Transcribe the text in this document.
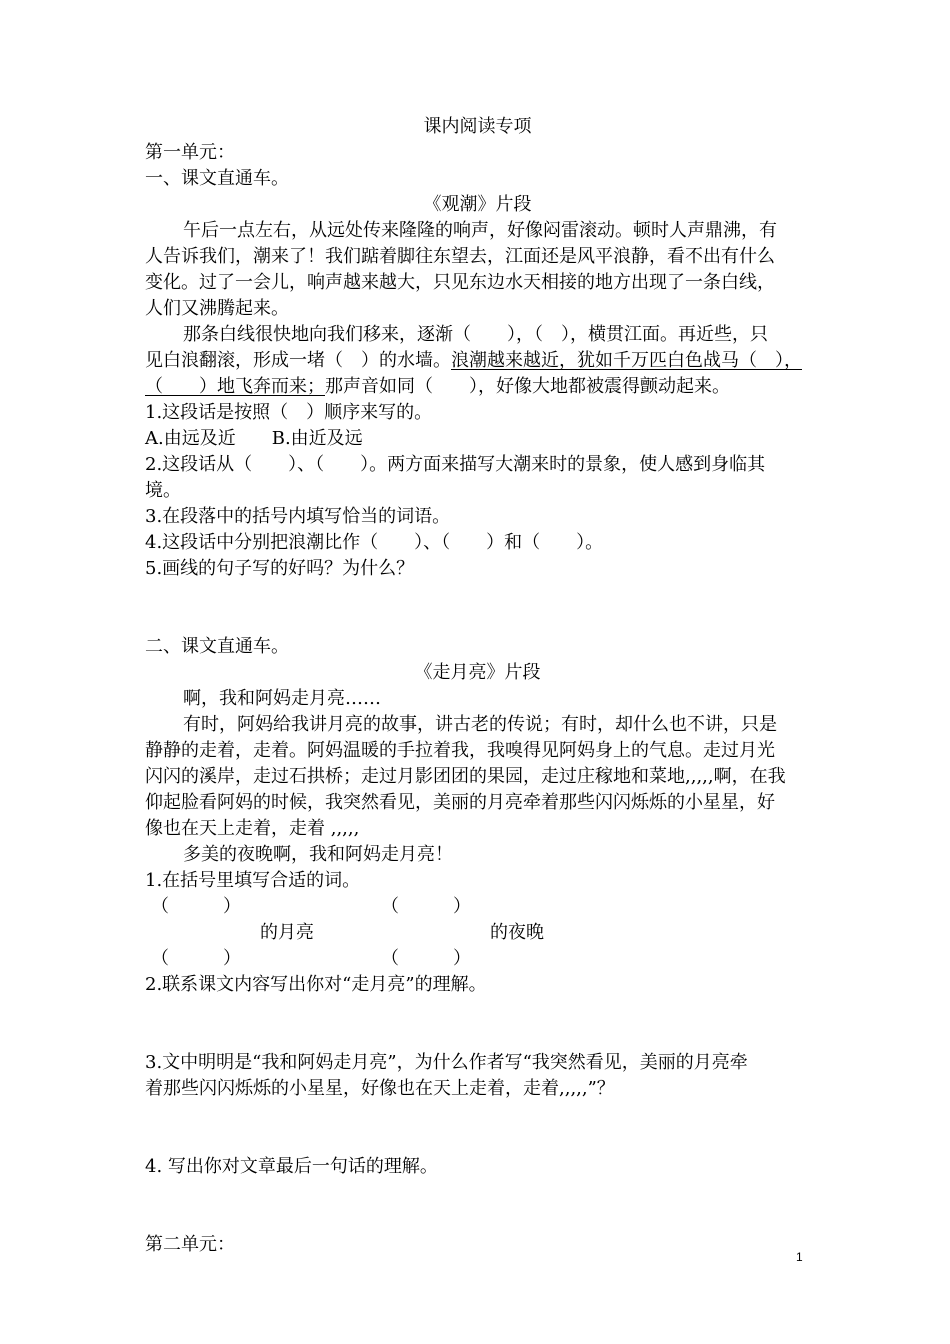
课内阅读专项
第一单元：
一、课文直通车。
《观潮》片段
午后一点左右，从远处传来隆隆的响声，好像闷雷滚动。顿时人声鼎沸，有
人告诉我们，潮来了！我们踮着脚往东望去，江面还是风平浪静，看不出有什么
变化。过了一会儿，响声越来越大，只见东边水天相接的地方出现了一条白线，
人们又沸腾起来。
那条白线很快地向我们移来，逐渐（　　），（　），横贯江面。再近些，只
见白浪翻滚，形成一堵（　）的水墙。浪潮越来越近，犹如千万匹白色战马（　），
（　　）地飞奔而来；那声音如同（　　），好像大地都被震得颤动起来。
1.这段话是按照（　）顺序来写的。
A.由远及近　　B.由近及远
2.这段话从（　　）、（　　）。两方面来描写大潮来时的景象，使人感到身临其
境。
3.在段落中的括号内填写恰当的词语。
4.这段话中分别把浪潮比作（　　）、（　　）和（　　）。
5.画线的句子写的好吗？为什么？
二、课文直通车。
《走月亮》片段
啊，我和阿妈走月亮……
有时，阿妈给我讲月亮的故事，讲古老的传说；有时，却什么也不讲，只是
静静的走着，走着。阿妈温暖的手拉着我，我嗅得见阿妈身上的气息。走过月光
闪闪的溪岸，走过石拱桥；走过月影团团的果园，走过庄稼地和菜地,,,,,啊，在我
仰起脸看阿妈的时候，我突然看见，美丽的月亮牵着那些闪闪烁烁的小星星，好
像也在天上走着，走着 ,,,,,
多美的夜晚啊，我和阿妈走月亮！
1.在括号里填写合适的词。
（　　　）	（　　　）
的月亮	的夜晚
（　　　）	（　　　）
2.联系课文内容写出你对“走月亮”的理解。
3.文中明明是“我和阿妈走月亮”，为什么作者写“我突然看见，美丽的月亮牵
着那些闪闪烁烁的小星星，好像也在天上走着，走着,,,,,”？
4. 写出你对文章最后一句话的理解。
第二单元：
1
